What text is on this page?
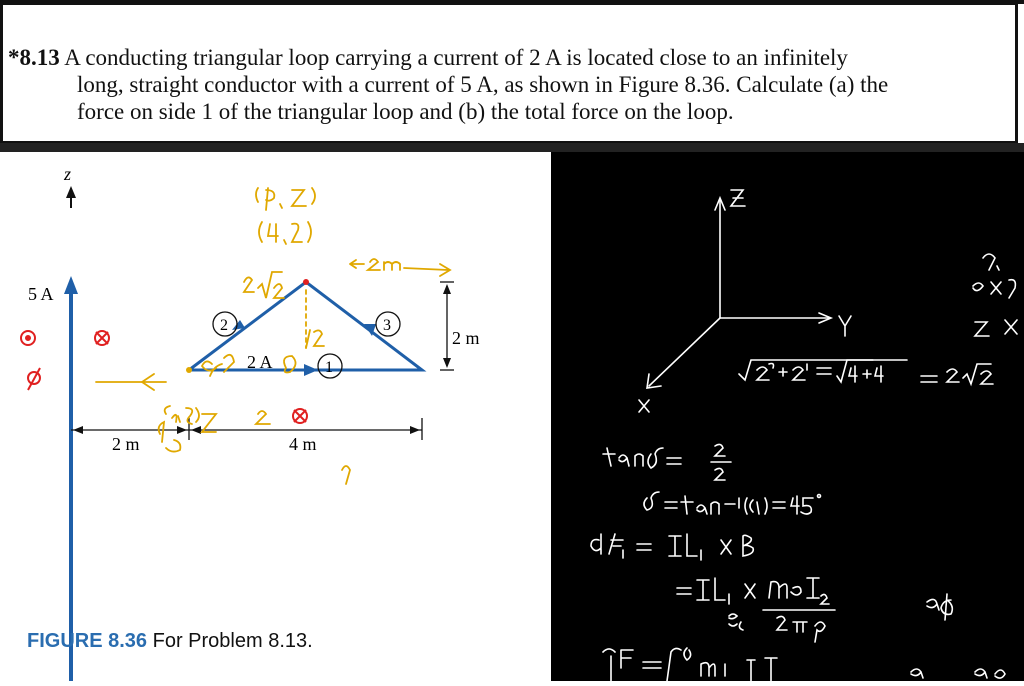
*8.13 A conducting triangular loop carrying a current of 2 A is located close to an infinitely
long, straight conductor with a current of 5 A, as shown in Figure 8.36. Calculate (a) the
force on side 1 of the triangular loop and (b) the total force on the loop.
z
5 A
2 A	1
2	3
2 m
2 m	4 m
FIGURE 8.36 For Problem 8.13.
